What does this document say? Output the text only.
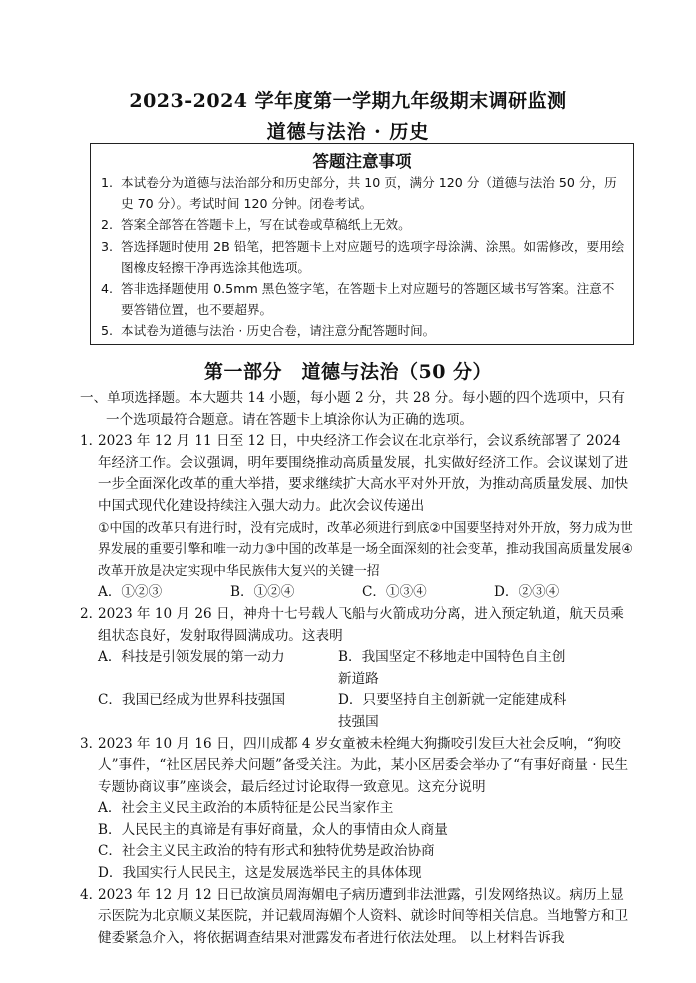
2023-2024 学年度第一学期九年级期末调研监测
道德与法治 · 历史
答题注意事项
1. 本试卷分为道德与法治部分和历史部分，共 10 页，满分 120 分（道德与法治 50 分，历史 70 分）。考试时间 120 分钟。闭卷考试。
2. 答案全部答在答题卡上，写在试卷或草稿纸上无效。
3. 答选择题时使用 2B 铅笔，把答题卡上对应题号的选项字母涂满、涂黑。如需修改，要用绘图橡皮轻擦干净再选涂其他选项。
4. 答非选择题使用 0.5mm 黑色签字笔，在答题卡上对应题号的答题区域书写答案。注意不要答错位置，也不要超界。
5. 本试卷为道德与法治 · 历史合卷，请注意分配答题时间。
第一部分　道德与法治（50 分）
一、单项选择题。本大题共 14 小题，每小题 2 分，共 28 分。每小题的四个选项中，只有一个选项最符合题意。请在答题卡上填涂你认为正确的选项。
1．
2023 年 12 月 11 日至 12 日，中央经济工作会议在北京举行，会议系统部署了 2024 年经济工作。会议强调，明年要围绕推动高质量发展，扎实做好经济工作。会议谋划了进一步全面深化改革的重大举措，要求继续扩大高水平对外开放，为推动高质量发展、加快中国式现代化建设持续注入强大动力。此次会议传递出
①中国的改革只有进行时，没有完成时，改革必须进行到底②中国要坚持对外开放，努力成为世界发展的重要引擎和唯一动力③中国的改革是一场全面深刻的社会变革，推动我国高质量发展④改革开放是决定实现中华民族伟大复兴的关键一招
A．①②③	B．①②④	C．①③④	D．②③④
2．
2023 年 10 月 26 日，神舟十七号载人飞船与火箭成功分离，进入预定轨道，航天员乘组状态良好，发射取得圆满成功。这表明
A．科技是引领发展的第一动力	B．我国坚定不移地走中国特色自主创新道路
C．我国已经成为世界科技强国	D．只要坚持自主创新就一定能建成科技强国
3．
2023 年 10 月 16 日，四川成都 4 岁女童被未栓绳大狗撕咬引发巨大社会反响，“狗咬人”事件，“社区居民养犬问题”备受关注。为此，某小区居委会举办了“有事好商量 · 民生专题协商议事”座谈会，最后经过讨论取得一致意见。这充分说明
A．社会主义民主政治的本质特征是公民当家作主
B．人民民主的真谛是有事好商量，众人的事情由众人商量
C．社会主义民主政治的特有形式和独特优势是政治协商
D．我国实行人民民主，这是发展选举民主的具体体现
4．
2023 年 12 月 12 日已故演员周海媚电子病历遭到非法泄露，引发网络热议。病历上显示医院为北京顺义某医院，并记载周海媚个人资料、就诊时间等相关信息。当地警方和卫健委紧急介入，将依据调查结果对泄露发布者进行依法处理。 以上材料告诉我
